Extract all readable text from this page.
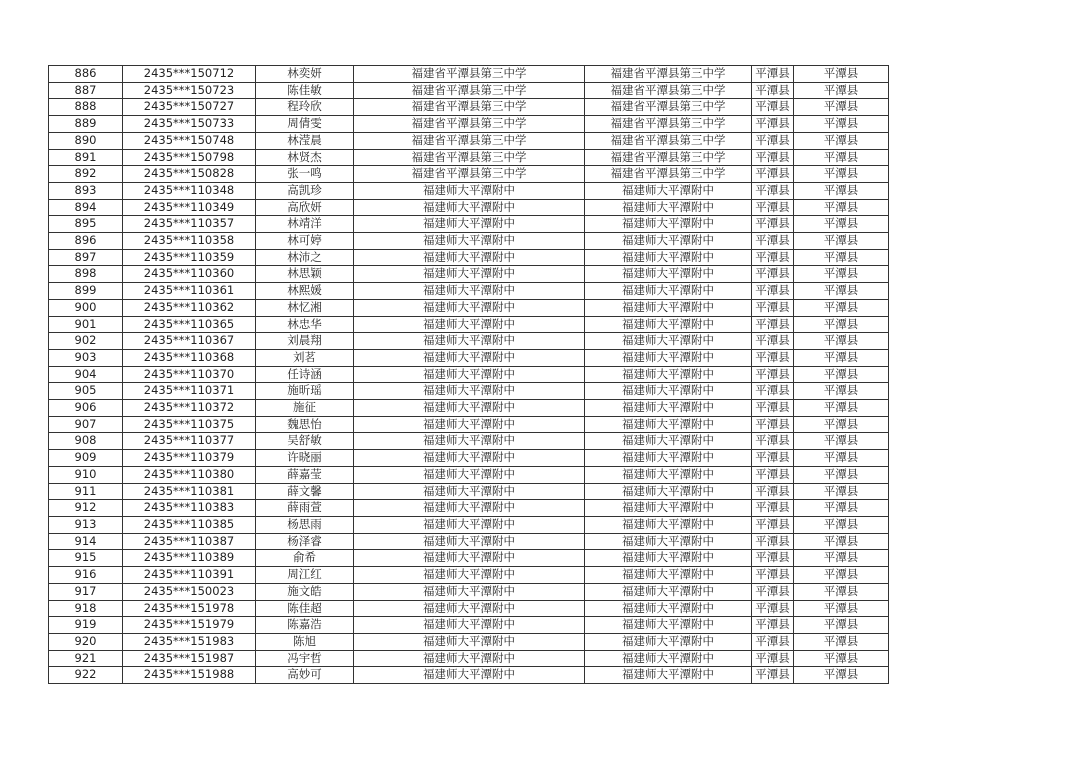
886	2435***150712	林奕妍	福建省平潭县第三中学	福建省平潭县第三中学	平潭县	平潭县
887	2435***150723	陈佳敏	福建省平潭县第三中学	福建省平潭县第三中学	平潭县	平潭县
888	2435***150727	程玲欣	福建省平潭县第三中学	福建省平潭县第三中学	平潭县	平潭县
889	2435***150733	周倩雯	福建省平潭县第三中学	福建省平潭县第三中学	平潭县	平潭县
890	2435***150748	林滢晨	福建省平潭县第三中学	福建省平潭县第三中学	平潭县	平潭县
891	2435***150798	林贤杰	福建省平潭县第三中学	福建省平潭县第三中学	平潭县	平潭县
892	2435***150828	张一鸣	福建省平潭县第三中学	福建省平潭县第三中学	平潭县	平潭县
893	2435***110348	高凯珍	福建师大平潭附中	福建师大平潭附中	平潭县	平潭县
894	2435***110349	高欣妍	福建师大平潭附中	福建师大平潭附中	平潭县	平潭县
895	2435***110357	林靖洋	福建师大平潭附中	福建师大平潭附中	平潭县	平潭县
896	2435***110358	林可婷	福建师大平潭附中	福建师大平潭附中	平潭县	平潭县
897	2435***110359	林沛之	福建师大平潭附中	福建师大平潭附中	平潭县	平潭县
898	2435***110360	林思颖	福建师大平潭附中	福建师大平潭附中	平潭县	平潭县
899	2435***110361	林熙媛	福建师大平潭附中	福建师大平潭附中	平潭县	平潭县
900	2435***110362	林忆湘	福建师大平潭附中	福建师大平潭附中	平潭县	平潭县
901	2435***110365	林忠华	福建师大平潭附中	福建师大平潭附中	平潭县	平潭县
902	2435***110367	刘晨翔	福建师大平潭附中	福建师大平潭附中	平潭县	平潭县
903	2435***110368	刘茗	福建师大平潭附中	福建师大平潭附中	平潭县	平潭县
904	2435***110370	任诗涵	福建师大平潭附中	福建师大平潭附中	平潭县	平潭县
905	2435***110371	施昕瑶	福建师大平潭附中	福建师大平潭附中	平潭县	平潭县
906	2435***110372	施征	福建师大平潭附中	福建师大平潭附中	平潭县	平潭县
907	2435***110375	魏思怡	福建师大平潭附中	福建师大平潭附中	平潭县	平潭县
908	2435***110377	吴舒敏	福建师大平潭附中	福建师大平潭附中	平潭县	平潭县
909	2435***110379	许晓丽	福建师大平潭附中	福建师大平潭附中	平潭县	平潭县
910	2435***110380	薛嘉莹	福建师大平潭附中	福建师大平潭附中	平潭县	平潭县
911	2435***110381	薛文馨	福建师大平潭附中	福建师大平潭附中	平潭县	平潭县
912	2435***110383	薛雨萱	福建师大平潭附中	福建师大平潭附中	平潭县	平潭县
913	2435***110385	杨思雨	福建师大平潭附中	福建师大平潭附中	平潭县	平潭县
914	2435***110387	杨泽睿	福建师大平潭附中	福建师大平潭附中	平潭县	平潭县
915	2435***110389	俞希	福建师大平潭附中	福建师大平潭附中	平潭县	平潭县
916	2435***110391	周江红	福建师大平潭附中	福建师大平潭附中	平潭县	平潭县
917	2435***150023	施文皓	福建师大平潭附中	福建师大平潭附中	平潭县	平潭县
918	2435***151978	陈佳超	福建师大平潭附中	福建师大平潭附中	平潭县	平潭县
919	2435***151979	陈嘉浩	福建师大平潭附中	福建师大平潭附中	平潭县	平潭县
920	2435***151983	陈旭	福建师大平潭附中	福建师大平潭附中	平潭县	平潭县
921	2435***151987	冯宇哲	福建师大平潭附中	福建师大平潭附中	平潭县	平潭县
922	2435***151988	高妙可	福建师大平潭附中	福建师大平潭附中	平潭县	平潭县
